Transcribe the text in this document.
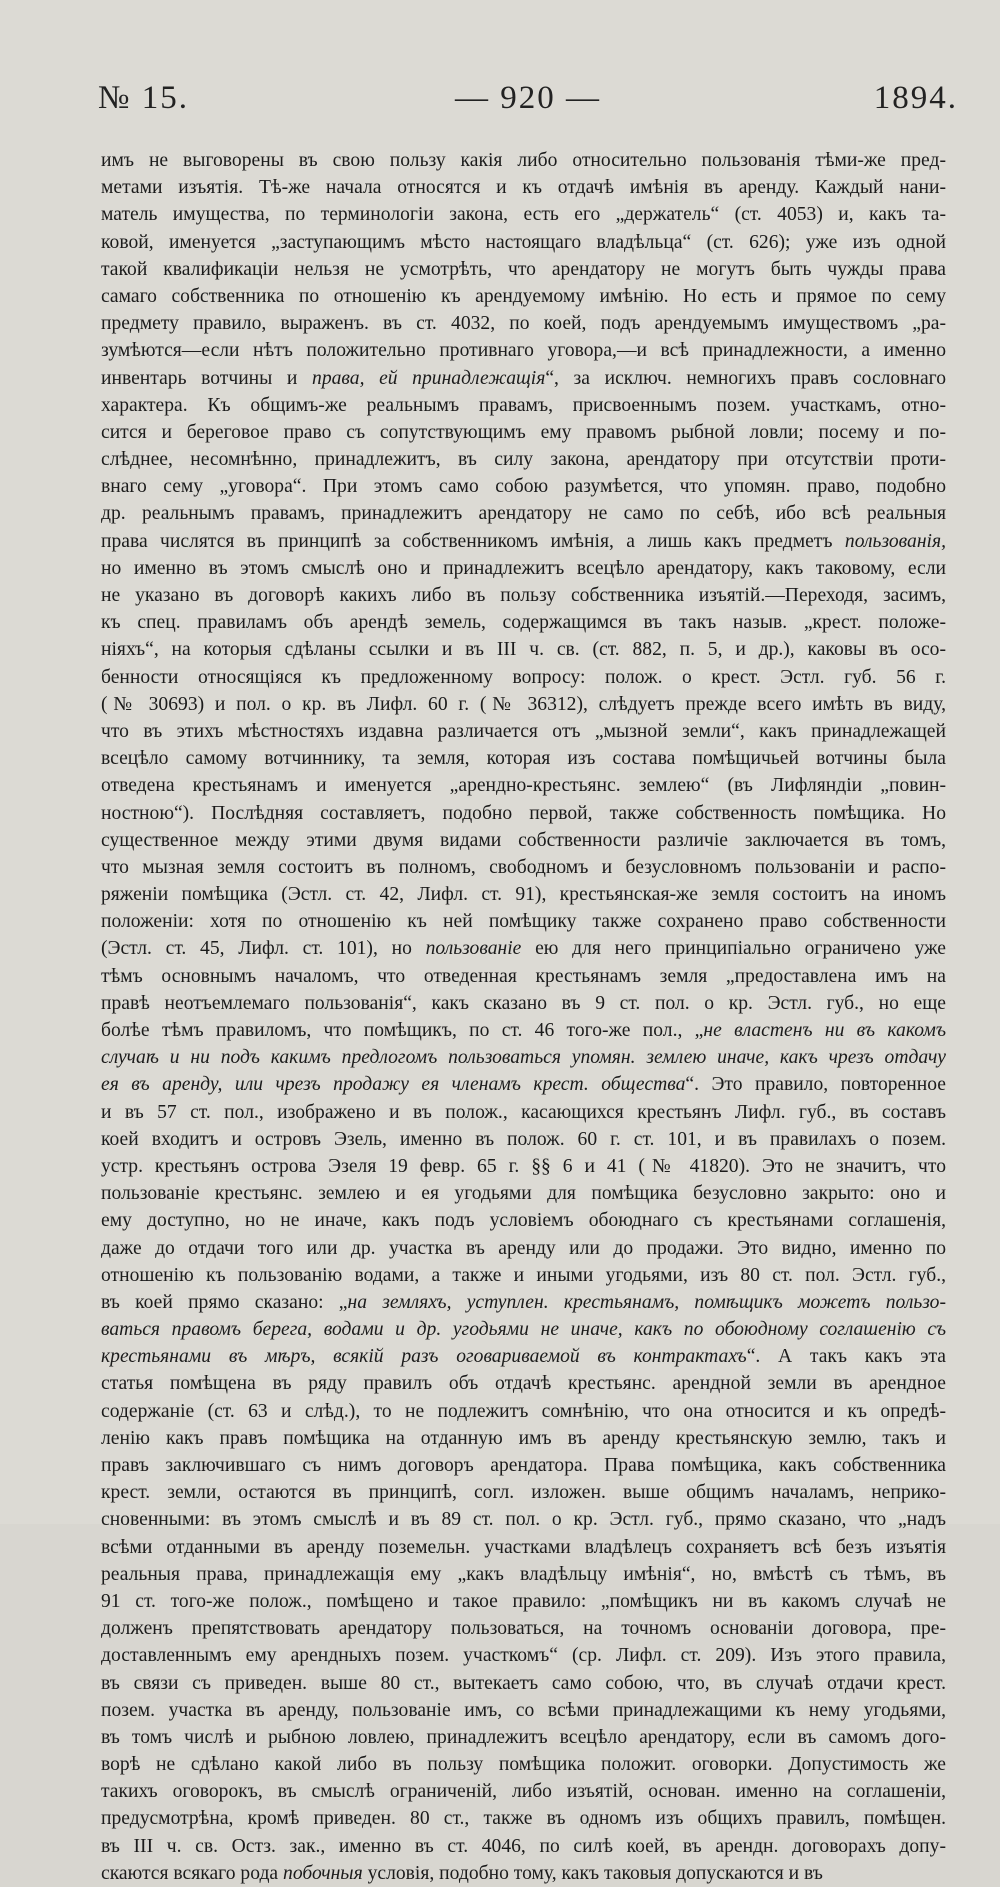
№ 15.	— 920 —	1894.
имъ не выговорены въ свою пользу какія либо относительно пользованія тѣми-же пред-
метами изъятія. Тѣ-же начала относятся и къ отдачѣ имѣнія въ аренду. Каждый нани-
матель имущества, по терминологіи закона, есть его „держатель“ (ст. 4053) и, какъ та-
ковой, именуется „заступающимъ мѣсто настоящаго владѣльца“ (ст. 626); уже изъ одной
такой квалификаціи нельзя не усмотрѣть, что арендатору не могутъ быть чужды права
самаго собственника по отношенію къ арендуемому имѣнію. Но есть и прямое по сему
предмету правило, выраженъ. въ ст. 4032, по коей, подъ арендуемымъ имуществомъ „ра-
зумѣются—если нѣтъ положительно противнаго уговора,—и всѣ принадлежности, а именно
инвентарь вотчины и права, ей принадлежащія“, за исключ. немногихъ правъ сословнаго
характера. Къ общимъ-же реальнымъ правамъ, присвоеннымъ позем. участкамъ, отно-
сится и береговое право съ сопутствующимъ ему правомъ рыбной ловли; посему и по-
слѣднее, несомнѣнно, принадлежитъ, въ силу закона, арендатору при отсутствіи проти-
внаго сему „уговора“. При этомъ само собою разумѣется, что упомян. право, подобно
др. реальнымъ правамъ, принадлежитъ арендатору не само по себѣ, ибо всѣ реальныя
права числятся въ принципѣ за собственникомъ имѣнія, а лишь какъ предметъ пользованія,
но именно въ этомъ смыслѣ оно и принадлежитъ всецѣло арендатору, какъ таковому, если
не указано въ договорѣ какихъ либо въ пользу собственника изъятій.—Переходя, засимъ,
къ спец. правиламъ объ арендѣ земель, содержащимся въ такъ назыв. „крест. положе-
ніяхъ“, на которыя сдѣланы ссылки и въ III ч. св. (ст. 882, п. 5, и др.), каковы въ осо-
бенности относящіяся къ предложенному вопросу: полож. о крест. Эстл. губ. 56 г.
(№ 30693) и пол. о кр. въ Лифл. 60 г. (№ 36312), слѣдуетъ прежде всего имѣть въ виду,
что въ этихъ мѣстностяхъ издавна различается отъ „мызной земли“, какъ принадлежащей
всецѣло самому вотчиннику, та земля, которая изъ состава помѣщичьей вотчины была
отведена крестьянамъ и именуется „арендно-крестьянс. землею“ (въ Лифляндіи „повин-
ностною“). Послѣдняя составляетъ, подобно первой, также собственность помѣщика. Но
существенное между этими двумя видами собственности различіе заключается въ томъ,
что мызная земля состоитъ въ полномъ, свободномъ и безусловномъ пользованіи и распо-
ряженіи помѣщика (Эстл. ст. 42, Лифл. ст. 91), крестьянская-же земля состоитъ на иномъ
положеніи: хотя по отношенію къ ней помѣщику также сохранено право собственности
(Эстл. ст. 45, Лифл. ст. 101), но пользованіе ею для него принципіально ограничено уже
тѣмъ основнымъ началомъ, что отведенная крестьянамъ земля „предоставлена имъ на
правѣ неотъемлемаго пользованія“, какъ сказано въ 9 ст. пол. о кр. Эстл. губ., но еще
болѣе тѣмъ правиломъ, что помѣщикъ, по ст. 46 того-же пол., „не властенъ ни въ какомъ
случаѣ и ни подъ какимъ предлогомъ пользоваться упомян. землею иначе, какъ чрезъ отдачу
ея въ аренду, или чрезъ продажу ея членамъ крест. общества“. Это правило, повторенное
и въ 57 ст. пол., изображено и въ полож., касающихся крестьянъ Лифл. губ., въ составъ
коей входитъ и островъ Эзель, именно въ полож. 60 г. ст. 101, и въ правилахъ о позем.
устр. крестьянъ острова Эзеля 19 февр. 65 г. §§ 6 и 41 (№ 41820). Это не значитъ, что
пользованіе крестьянс. землею и ея угодьями для помѣщика безусловно закрыто: оно и
ему доступно, но не иначе, какъ подъ условіемъ обоюднаго съ крестьянами соглашенія,
даже до отдачи того или др. участка въ аренду или до продажи. Это видно, именно по
отношенію къ пользованію водами, а также и иными угодьями, изъ 80 ст. пол. Эстл. губ.,
въ коей прямо сказано: „на земляхъ, уступлен. крестьянамъ, помѣщикъ можетъ пользо-
ваться правомъ берега, водами и др. угодьями не иначе, какъ по обоюдному соглашенію съ
крестьянами въ мѣръ, всякій разъ оговариваемой въ контрактахъ“. А такъ какъ эта
статья помѣщена въ ряду правилъ объ отдачѣ крестьянс. арендной земли въ арендное
содержаніе (ст. 63 и слѣд.), то не подлежитъ сомнѣнію, что она относится и къ опредѣ-
ленію какъ правъ помѣщика на отданную имъ въ аренду крестьянскую землю, такъ и
правъ заключившаго съ нимъ договоръ арендатора. Права помѣщика, какъ собственника
крест. земли, остаются въ принципѣ, согл. изложен. выше общимъ началамъ, неприко-
сновенными: въ этомъ смыслѣ и въ 89 ст. пол. о кр. Эстл. губ., прямо сказано, что „надъ
всѣми отданными въ аренду поземельн. участками владѣлецъ сохраняетъ всѣ безъ изъятія
реальныя права, принадлежащія ему „какъ владѣльцу имѣнія“, но, вмѣстѣ съ тѣмъ, въ
91 ст. того-же полож., помѣщено и такое правило: „помѣщикъ ни въ какомъ случаѣ не
долженъ препятствовать арендатору пользоваться, на точномъ основаніи договора, пре-
доставленнымъ ему арендныхъ позем. участкомъ“ (ср. Лифл. ст. 209). Изъ этого правила,
въ связи съ приведен. выше 80 ст., вытекаетъ само собою, что, въ случаѣ отдачи крест.
позем. участка въ аренду, пользованіе имъ, со всѣми принадлежащими къ нему угодьями,
въ томъ числѣ и рыбною ловлею, принадлежитъ всецѣло арендатору, если въ самомъ дого-
ворѣ не сдѣлано какой либо въ пользу помѣщика положит. оговорки. Допустимость же
такихъ оговорокъ, въ смыслѣ ограниченій, либо изъятій, основан. именно на соглашеніи,
предусмотрѣна, кромѣ приведен. 80 ст., также въ одномъ изъ общихъ правилъ, помѣщен.
въ III ч. св. Остз. зак., именно въ ст. 4046, по силѣ коей, въ арендн. договорахъ допу-
скаются всякаго рода побочныя условія, подобно тому, какъ таковыя допускаются и въ
